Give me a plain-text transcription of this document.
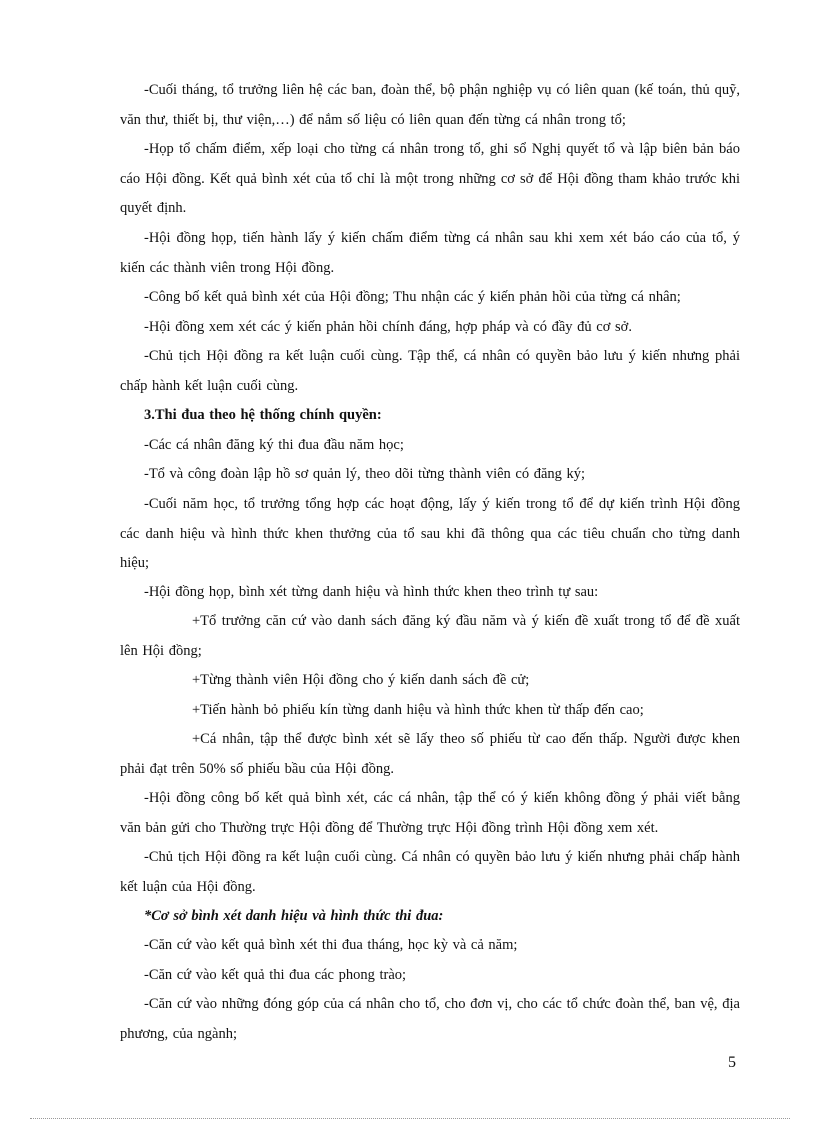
-Cuối tháng, tổ trưởng liên hệ các ban, đoàn thể, bộ phận nghiệp vụ có liên quan (kế toán, thủ quỹ, văn thư, thiết bị, thư viện,…) để nắm số liệu có liên quan đến từng cá nhân trong tổ;

-Họp tổ chấm điểm, xếp loại cho từng cá nhân trong tổ, ghi sổ Nghị quyết tổ và lập biên bản báo cáo Hội đồng. Kết quả bình xét của tổ chỉ là một trong những cơ sở để Hội đồng tham khảo trước khi quyết định.

-Hội đồng họp, tiến hành lấy ý kiến chấm điểm từng cá nhân sau khi xem xét báo cáo của tổ, ý kiến các thành viên trong Hội đồng.

-Công bố kết quả bình xét của Hội đồng; Thu nhận các ý kiến phản hồi của từng cá nhân;

-Hội đồng xem xét các ý kiến phản hồi chính đáng, hợp pháp và có đầy đủ cơ sở.

-Chủ tịch Hội đồng ra kết luận cuối cùng. Tập thể, cá nhân có quyền bảo lưu ý kiến nhưng phải chấp hành kết luận cuối cùng.

3.Thi đua theo hệ thống chính quyền:

-Các cá nhân đăng ký thi đua đầu năm học;

-Tổ và công đoàn lập hồ sơ quản lý, theo dõi từng thành viên có đăng ký;

-Cuối năm học, tổ trưởng tổng hợp các hoạt động, lấy ý kiến trong tổ để dự kiến trình Hội đồng các danh hiệu và hình thức khen thưởng của tổ sau khi đã thông qua các tiêu chuẩn cho từng danh hiệu;

-Hội đồng họp, bình xét từng danh hiệu và hình thức khen theo trình tự sau:

+Tổ trưởng căn cứ vào danh sách đăng ký đầu năm và ý kiến đề xuất trong tổ để đề xuất lên Hội đồng;

+Từng thành viên Hội đồng cho ý kiến danh sách đề cử;

+Tiến hành bỏ phiếu kín từng danh hiệu và hình thức khen từ thấp đến cao;

+Cá nhân, tập thể được bình xét sẽ lấy theo số phiếu từ cao đến thấp. Người được khen phải đạt trên 50% số phiếu bầu của Hội đồng.

-Hội đồng công bố kết quả bình xét, các cá nhân, tập thể có ý kiến không đồng ý phải viết bằng văn bản gửi cho Thường trực Hội đồng để Thường trực Hội đồng trình Hội đồng xem xét.

-Chủ tịch Hội đồng ra kết luận cuối cùng. Cá nhân có quyền bảo lưu ý kiến nhưng phải chấp hành kết luận của Hội đồng.

*Cơ sở bình xét danh hiệu và hình thức thi đua:

-Căn cứ vào kết quả bình xét thi đua tháng, học kỳ và cả năm;

-Căn cứ vào kết quả thi đua các phong trào;

-Căn cứ vào những đóng góp của cá nhân cho tổ, cho đơn vị, cho các tổ chức đoàn thể, ban vệ, địa phương, của ngành;

5
